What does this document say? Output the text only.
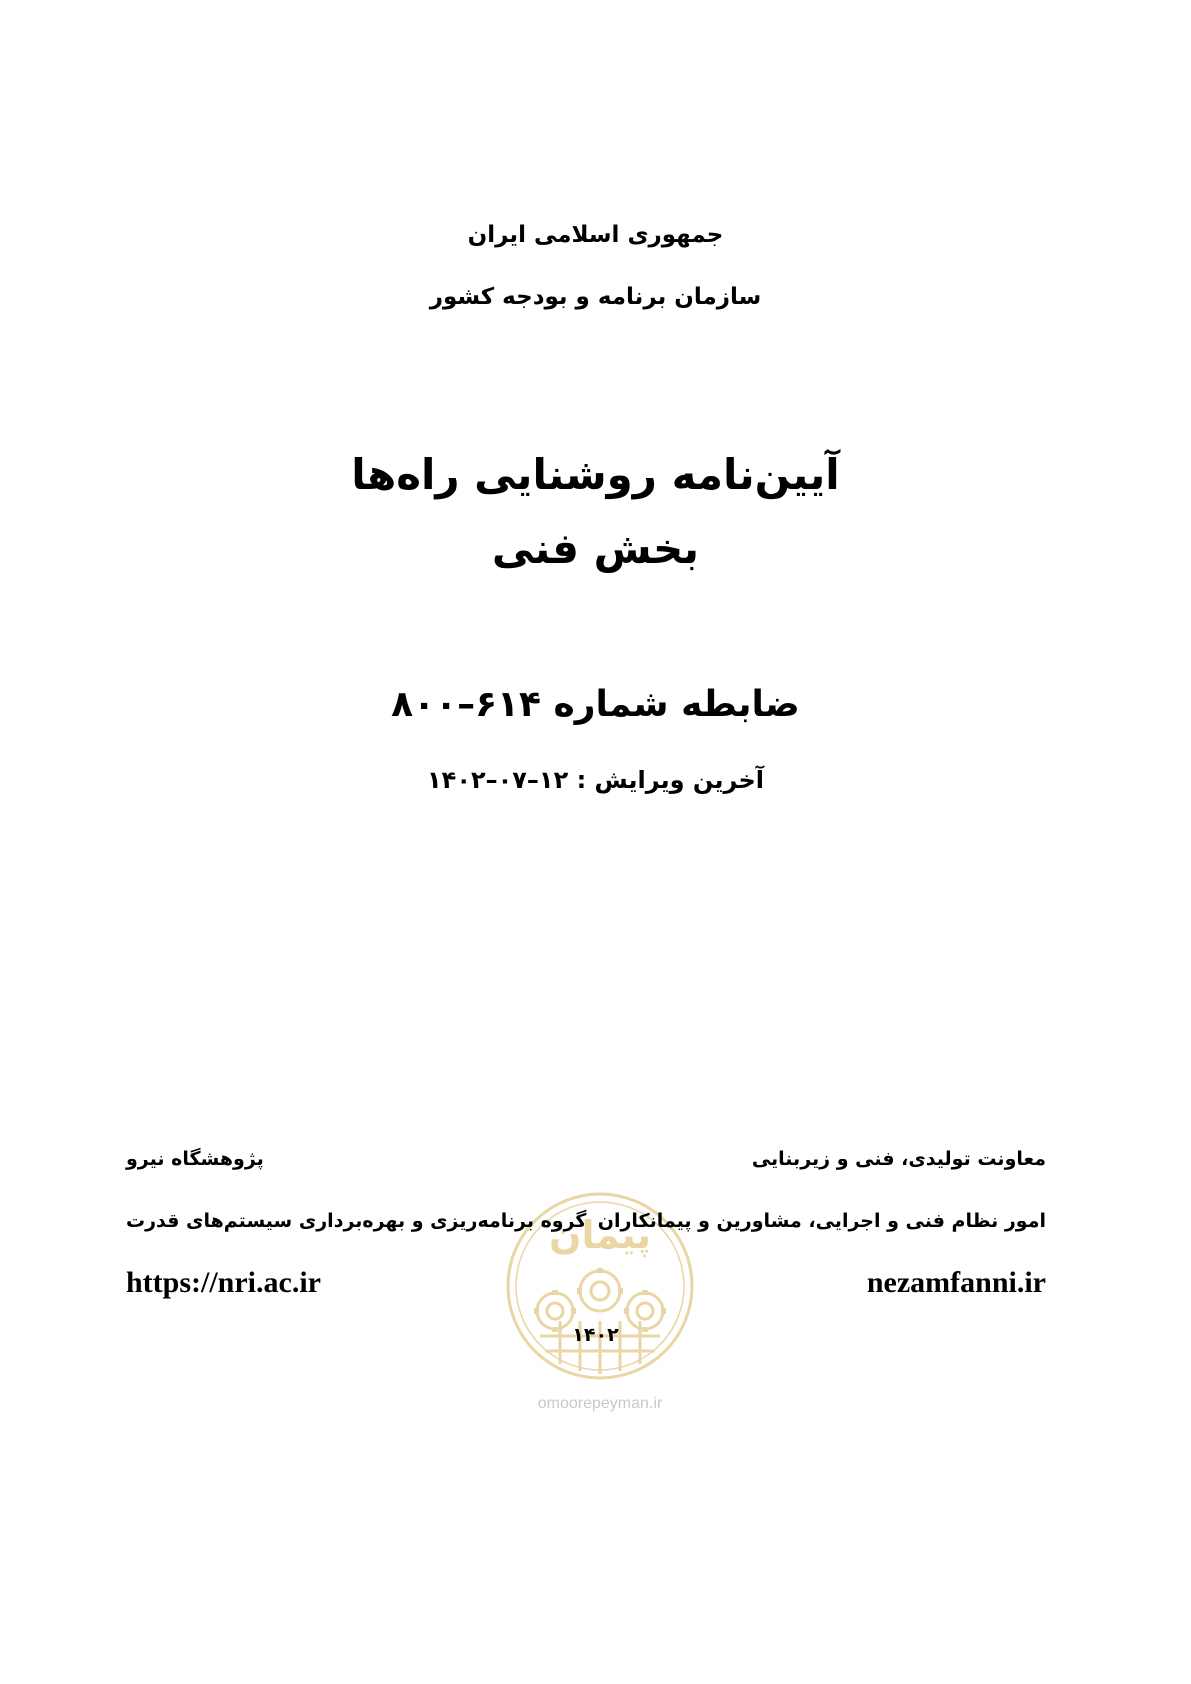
جمهوری اسلامی ایران
سازمان برنامه و بودجه کشور
آیین‌نامه روشنایی راه‌ها
بخش فنی
ضابطه شماره ۶۱۴–۸۰۰
آخرین ویرایش : ۱۲–۰۷–۱۴۰۲
پیمان
omoorepeyman.ir
معاونت تولیدی، فنی و زیربنایی
امور نظام فنی و اجرایی، مشاورین و پیمانکاران
nezamfanni.ir
پژوهشگاه نیرو
گروه برنامه‌ریزی و بهره‌برداری سیستم‌های قدرت
https://nri.ac.ir
۱۴۰۲
